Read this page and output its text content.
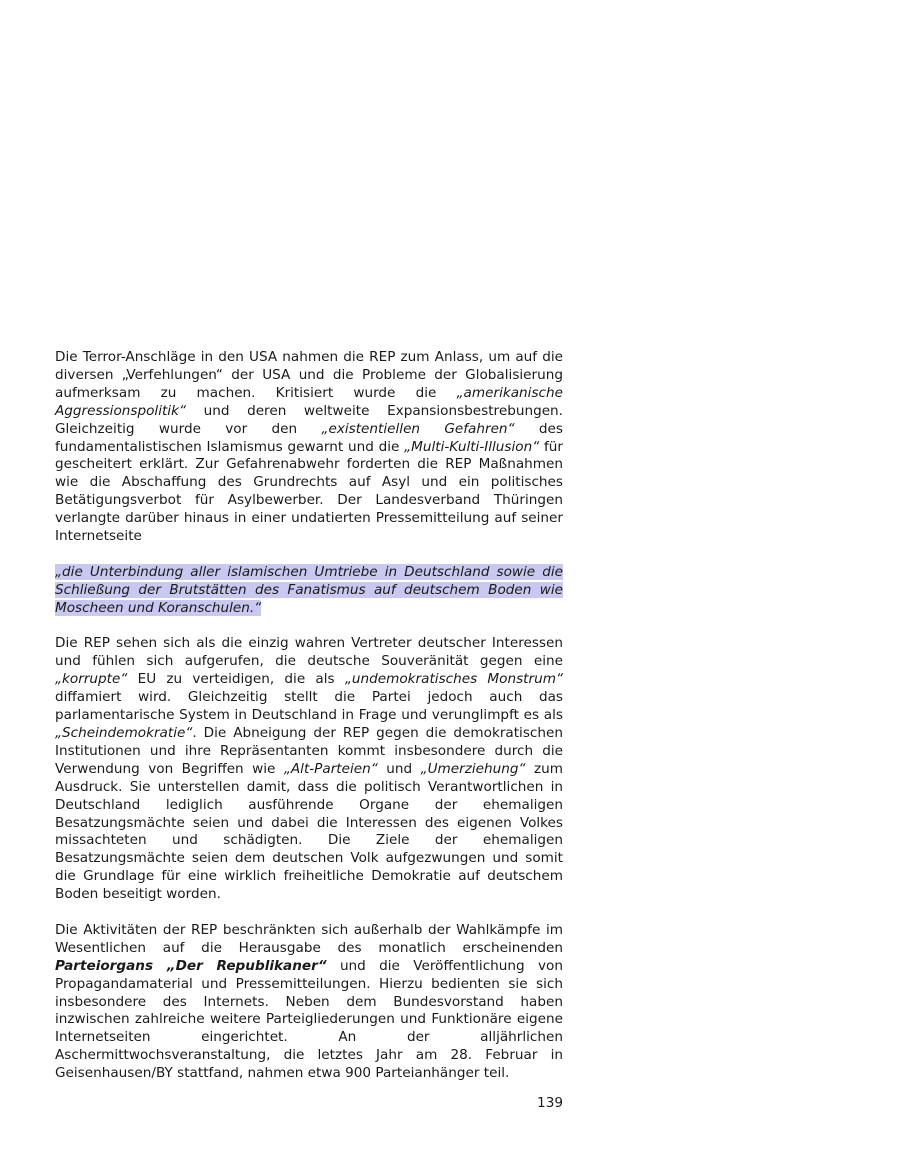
Die Terror-Anschläge in den USA nahmen die REP zum Anlass, um auf die diversen „Verfehlungen“ der USA und die Probleme der Globalisierung aufmerksam zu machen. Kritisiert wurde die „amerikanische Aggressionspolitik“ und deren weltweite Expansionsbestrebungen. Gleichzeitig wurde vor den „existentiellen Gefahren“ des fundamentalistischen Islamismus gewarnt und die „Multi-Kulti-Illusion“ für gescheitert erklärt. Zur Gefahrenabwehr forderten die REP Maßnahmen wie die Abschaffung des Grundrechts auf Asyl und ein politisches Betätigungsverbot für Asylbewerber. Der Landesverband Thüringen verlangte darüber hinaus in einer undatierten Pressemitteilung auf seiner Internetseite

„die Unterbindung aller islamischen Umtriebe in Deutschland sowie die Schließung der Brutstätten des Fanatismus auf deutschem Boden wie Moscheen und Koranschulen.“

Die REP sehen sich als die einzig wahren Vertreter deutscher Interessen und fühlen sich aufgerufen, die deutsche Souveränität gegen eine „korrupte“ EU zu verteidigen, die als „undemokratisches Monstrum“ diffamiert wird. Gleichzeitig stellt die Partei jedoch auch das parlamentarische System in Deutschland in Frage und verunglimpft es als „Scheindemokratie“. Die Abneigung der REP gegen die demokratischen Institutionen und ihre Repräsentanten kommt insbesondere durch die Verwendung von Begriffen wie „Alt-Parteien“ und „Umerziehung“ zum Ausdruck. Sie unterstellen damit, dass die politisch Verantwortlichen in Deutschland lediglich ausführende Organe der ehemaligen Besatzungsmächte seien und dabei die Interessen des eigenen Volkes missachteten und schädigten. Die Ziele der ehemaligen Besatzungsmächte seien dem deutschen Volk aufgezwungen und somit die Grundlage für eine wirklich freiheitliche Demokratie auf deutschem Boden beseitigt worden.

Die Aktivitäten der REP beschränkten sich außerhalb der Wahlkämpfe im Wesentlichen auf die Herausgabe des monatlich erscheinenden Parteiorgans „Der Republikaner“ und die Veröffentlichung von Propagandamaterial und Pressemitteilungen. Hierzu bedienten sie sich insbesondere des Internets. Neben dem Bundesvorstand haben inzwischen zahlreiche weitere Parteigliederungen und Funktionäre eigene Internetseiten eingerichtet. An der alljährlichen Aschermittwochsveranstaltung, die letztes Jahr am 28. Februar in Geisenhausen/BY stattfand, nahmen etwa 900 Parteianhänger teil.

139
